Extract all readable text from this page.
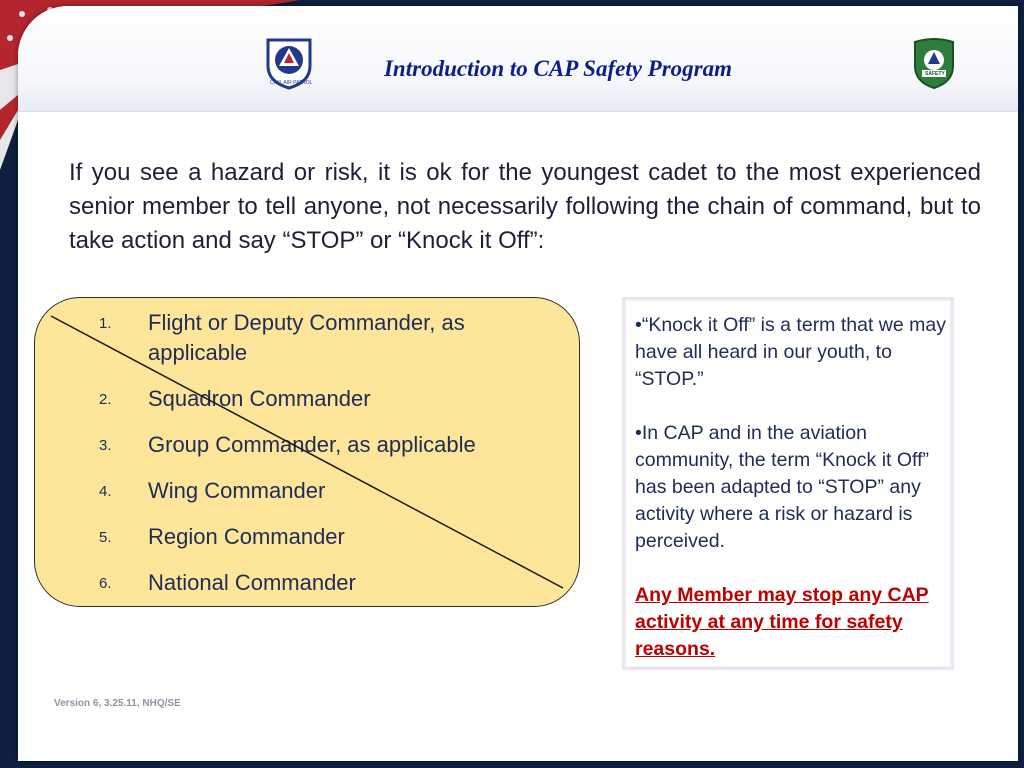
CIVIL AIR PATROL
Introduction to CAP Safety Program	SAFETY

If you see a hazard or risk, it is ok for the youngest cadet to the most experienced senior member to tell anyone, not necessarily following the chain of command, but to take action and say “STOP” or “Knock it Off”:

1. Flight or Deputy Commander, as applicable
2. Squadron Commander
3. Group Commander, as applicable
4. Wing Commander
5. Region Commander
6. National Commander

•“Knock it Off” is a term that we may have all heard in our youth, to “STOP.”

•In CAP and in the aviation community, the term “Knock it Off” has been adapted to “STOP” any activity where a risk or hazard is perceived.

Any Member may stop any CAP activity at any time for safety reasons.

Version 6, 3.25.11, NHQ/SE
